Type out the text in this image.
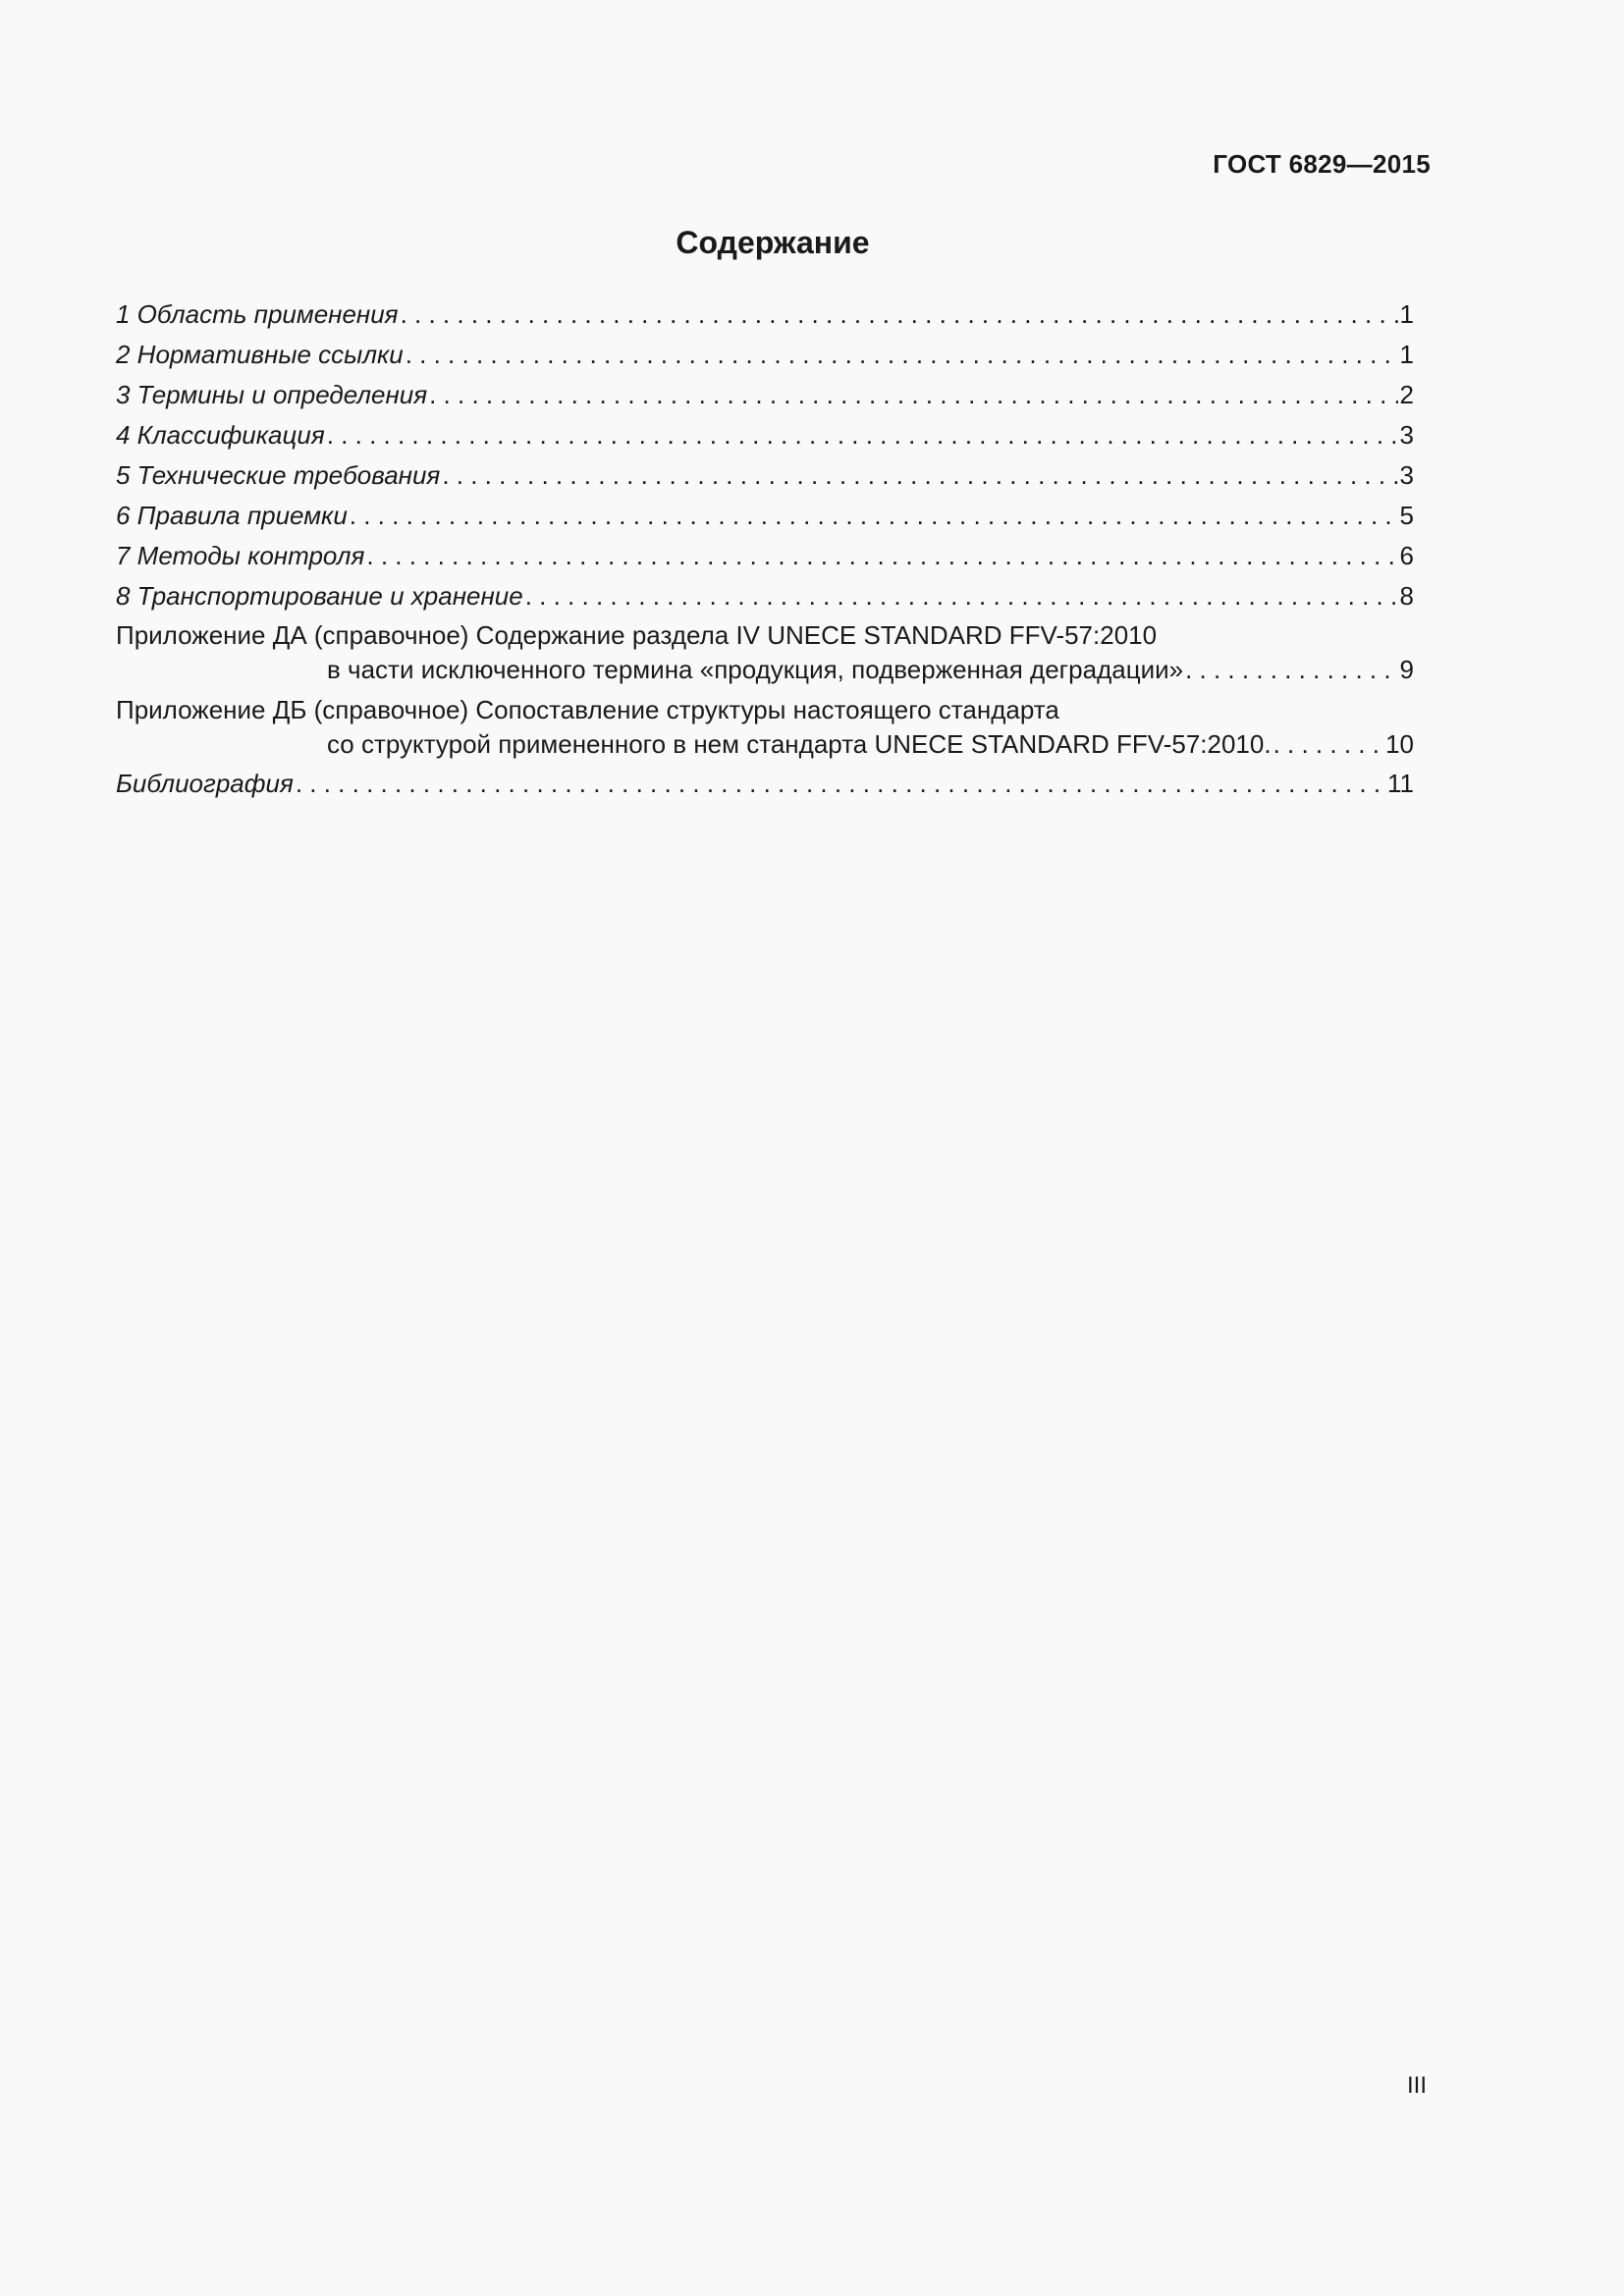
ГОСТ 6829—2015
Содержание
1 Область применения . . .	1
2 Нормативные ссылки . . .	1
3 Термины и определения . . .	2
4 Классификация . . .	3
5 Технические требования . . .	3
6 Правила приемки . . .	5
7 Методы контроля . . .	6
8 Транспортирование и хранение . . .	8
Приложение ДА (справочное) Содержание раздела IV UNECE STANDARD FFV-57:2010
в части исключенного термина «продукция, подверженная деградации» . . .	9
Приложение ДБ (справочное) Сопоставление структуры настоящего стандарта
со структурой примененного в нем стандарта UNECE STANDARD FFV-57:2010. . . .	10
Библиография . . .	11
III
